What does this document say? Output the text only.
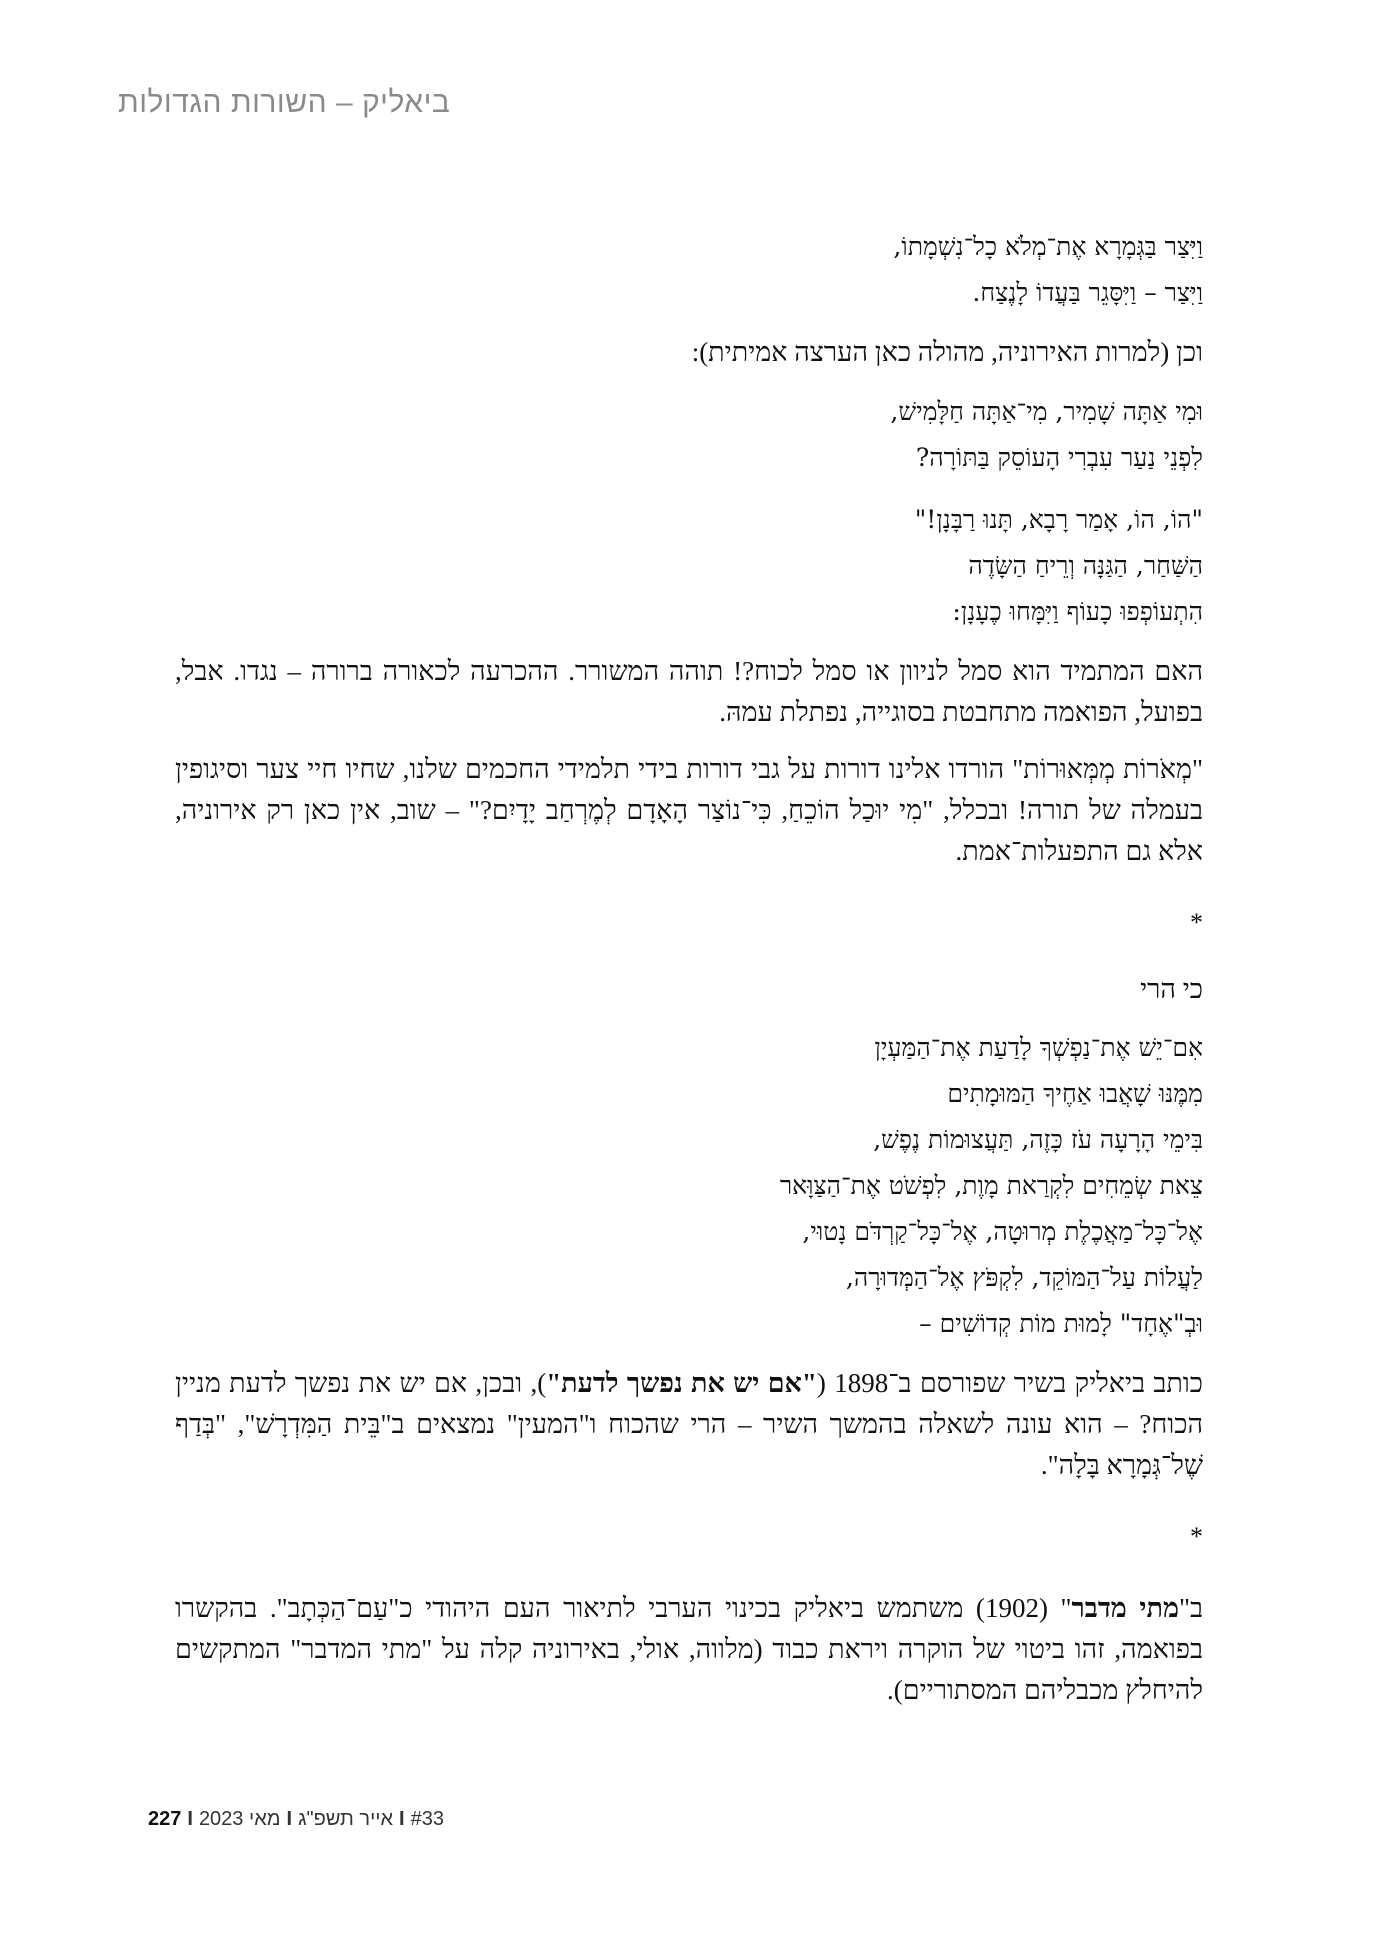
ביאליק – השורות הגדולות
וַיִּצַר בַּגְּמָרָא אֶת־מְלֹא כָל־נִשְׁמָתוֹ,
וַיִּצַר – וַיִּסָּגֵר בַּעֲדוֹ לָנֶצַח.

וכן (למרות האירוניה, מהולה כאן הערצה אמיתית):

וּמִי אַתָּה שָׁמִיר, מִי־אַתָּה חַלָּמִישׁ,
לִפְנֵי נַעַר עִבְרִי הָעוֹסֵק בַּתּוֹרָה?
"הוֹ, הוֹ, אָמַר רָבָא, תָּנוּ רַבָּנָן!"
הַשַּׁחַר, הַגַּנָּה וְרֵיחַ הַשָּׂדֶה
הִתְעוֹפְפוּ כָעוֹף וַיִּמָּחוּ כֶעָנָן:

האם המתמיד הוא סמל לניוון או סמל לכוח?! תוהה המשורר. ההכרעה לכאורה ברורה – נגדו. אבל, בפועל, הפואמה מתחבטת בסוגייה, נפתלת עמהּ.

"מְאֹרוֹת מְמְּאוּרוֹת" הורדו אלינו דורות על גבי דורות בידי תלמידי החכמים שלנו, שחיו חיי צער וסיגופין בעמלה של תורה! ובכלל, "מִי יוּכַל הוֹכֵחַ, כִּי־נוֹצַר הָאָדָם לְמֶרְחַב יָדָיִם?" – שוב, אין כאן רק אירוניה, אלא גם התפעלות־אמת.

*
כי הרי
אִם־יֵשׁ אֶת־נַפְשְׁךָ לָדַעַת אֶת־הַמַּעְיָן
מִמֶּנּוּ שָׁאֲבוּ אַחֶיךָ הַמּוּמָתִים
בִּימֵי הָרָעָה עֹז כָּזֶה, תַּעֲצוּמוֹת נֶפֶשׁ,
צֵאת שְׂמֵחִים לִקְרַאת מָוֶת, לִפְשֹׁט אֶת־הַצַּוָּאר
אֶל־כָּל־מַאֲכֶלֶת מְרוּטָה, אֶל־כָּל־קַרְדֹּם נָטוּי,
לַעֲלוֹת עַל־הַמּוֹקֵד, לִקְפֹּץ אֶל־הַמְּדוּרָה,
וּבְ"אֶחָד" לָמוּת מוֹת קְדוֹשִׁים –

כותב ביאליק בשיר שפורסם ב־1898 ("אם יש את נפשך לדעת"), ובכן, אם יש את נפשך לדעת מניין הכוח? – הוא עונה לשאלה בהמשך השיר – הרי שהכוח ו"המעין" נמצאים ב"בֵּית הַמִּדְרָשׁ", "בְּדַף שֶׁל־גְּמָרָא בָּלָה".

*

ב"מתי מדבר" (1902) משתמש ביאליק בכינוי הערבי לתיאור העם היהודי כ"עַם־הַכְּתָב". בהקשרו בפואמה, זהו ביטוי של הוקרה ויראת כבוד (מלווה, אולי, באירוניה קלה על "מתי המדבר" המתקשים להיחלץ מכבליהם המסתוריים).

227 I 2023 מאי I אייר תשפ"ג I #33
